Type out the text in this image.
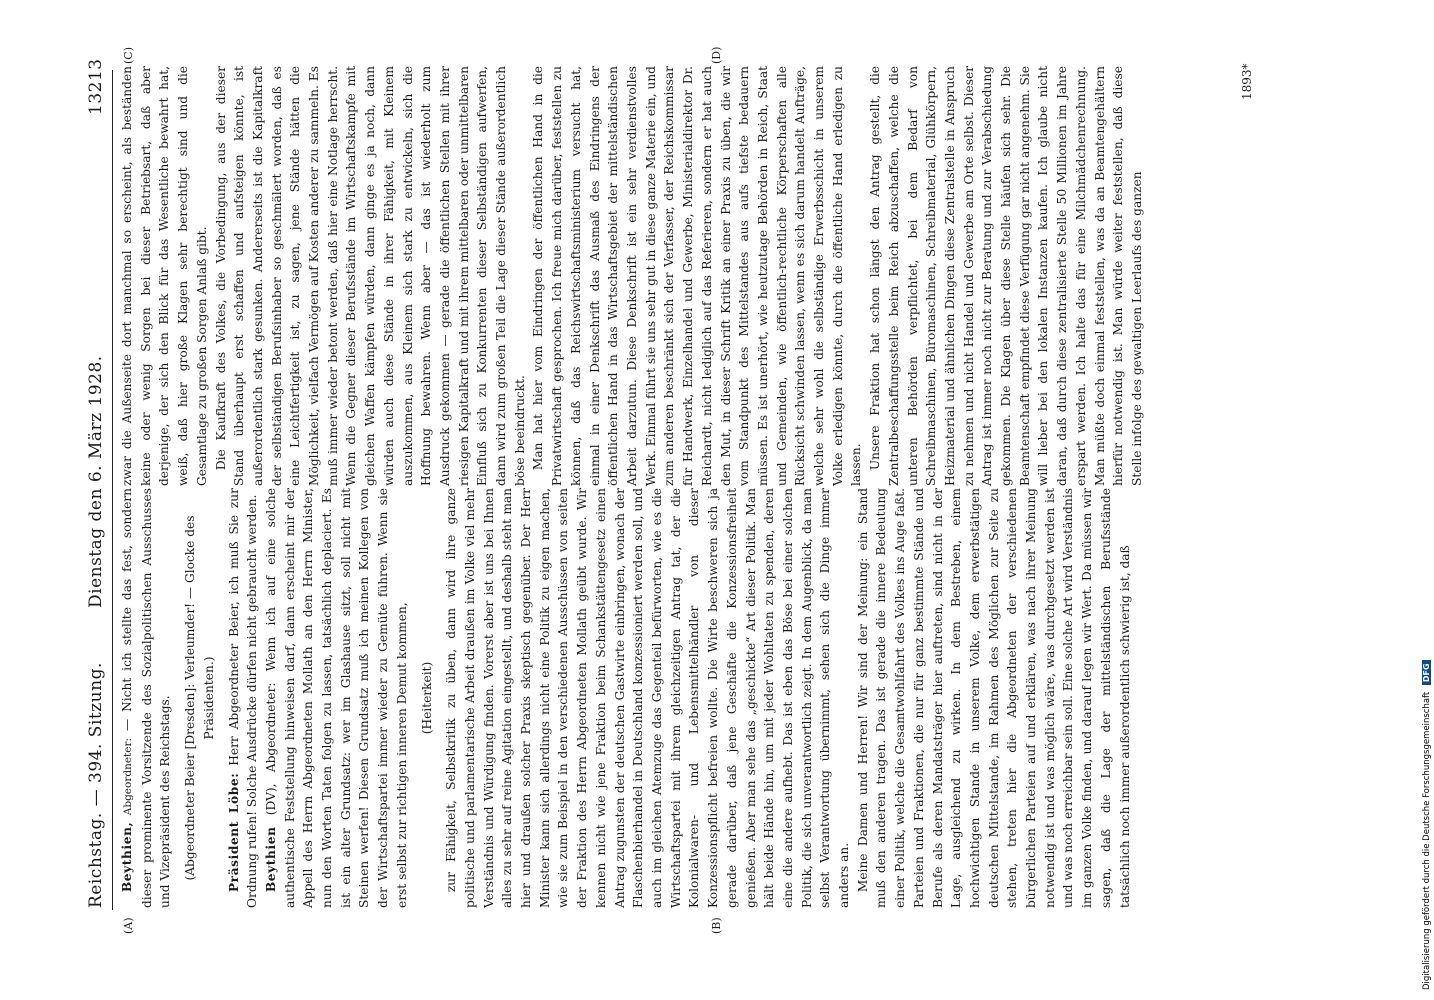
Reichstag. — 394. Sitzung.
Dienstag den 6. März 1928.
13213
(A)	(B)
(C)	(D)

Beythien, Abgeordneter: — Nicht ich stellte das fest, sondern dieser prominente Vorsitzende des Sozialpolitischen Ausschusses und Vizepräsident des Reichstags. (Abgeordneter Beier [Dresden]: Verleumder! — Glocke des Präsidenten.)

Präsident Löbe: Herr Abgeordneter Beier, ich muß Sie zur Ordnung rufen! Solche Ausdrücke dürfen nicht gebraucht werden. Beythien (DV), Abgeordneter: Wenn ich auf eine solche authentische Feststellung hinweisen darf, dann erscheint mir der Appell des Herrn Abgeordneten Mollath an den Herrn Minister, nun den Worten Taten folgen zu lassen, tatsächlich deplaciert. Es ist ein alter Grundsatz: wer im Glashause sitzt, soll nicht mit Steinen werfen! Diesen Grundsatz muß ich meinen Kollegen von der Wirtschaftspartei immer wieder zu Gemüte führen. Wenn sie erst selbst zur richtigen inneren Demut kommen, (Heiterkeit) zur Fähigkeit, Selbstkritik zu üben, dann wird ihre ganze politische und parlamentarische Arbeit draußen im Volke viel mehr Verständnis und Würdigung finden. Vorerst aber ist uns bei Ihnen alles zu sehr auf reine Agitation eingestellt, und deshalb steht man hier und draußen solcher Praxis skeptisch gegenüber. Der Herr Minister kann sich allerdings nicht eine Politik zu eigen machen, wie sie zum Beispiel in den verschiedenen Ausschüssen von seiten der Fraktion des Herrn Abgeordneten Mollath geübt wurde. Wir kennen nicht wie jene Fraktion beim Schankstättengesetz einen Antrag zugunsten der deutschen Gastwirte einbringen, wonach der Flaschenbierhandel in Deutschland konzessioniert werden soll, und auch im gleichen Atemzuge das Gegenteil befürworten, wie es die Wirtschaftspartei mit ihrem gleichzeitigen Antrag tat, der die Kolonialwaren- und Lebensmittelhändler von dieser Konzessionspflicht befreien wollte. Die Wirte beschweren sich ja gerade darüber, daß jene Geschäfte die Konzessionsfreiheit genießen. Aber man sehe das „geschickte“ Art dieser Politik. Man hält beide Hände hin, um mit jeder Wohltaten zu spenden, deren eine die andere aufhebt. Das ist eben das Böse bei einer solchen Politik, die sich unverantwortlich zeigt. In dem Augenblick, da man selbst Verantwortung übernimmt, sehen sich die Dinge immer anders an. Meine Damen und Herren! Wir sind der Meinung: ein Stand muß den anderen tragen. Das ist gerade die innere Bedeutung einer Politik, welche die Gesamtwohlfahrt des Volkes ins Auge faßt. Parteien und Fraktionen, die nur für ganz bestimmte Stände und Berufe als deren Mandatsträger hier auftreten, sind nicht in der Lage, ausgleichend zu wirken. In dem Bestreben, einem hochwichtigen Stande in unserem Volke, dem erwerbstätigen deutschen Mittelstande, im Rahmen des Möglichen zur Seite zu stehen, treten hier die Abgeordneten der verschiedenen bürgerlichen Parteien auf und erklären, was nach ihrer Meinung notwendig ist und was möglich wäre, was durchgesetzt werden ist und was noch erreichbar sein soll. Eine solche Art wird Verständnis im ganzen Volke finden, und darauf legen wir Wert. Da müssen wir sagen, daß die Lage der mittelständischen Berufsstände tatsächlich noch immer außerordentlich schwierig ist, daß

zwar die Außenseite dort manchmal so erscheint, als beständen keine oder wenig Sorgen bei dieser Betriebsart, daß aber derjenige, der sich den Blick für das Wesentliche bewahrt hat, weiß, daß hier große Klagen sehr berechtigt sind und die Gesamtlage zu großen Sorgen Anlaß gibt. Die Kaufkraft des Volkes, die Vorbedingung, aus der dieser Stand überhaupt erst schaffen und aufsteigen könnte, ist außerordentlich stark gesunken. Andererseits ist die Kapitalkraft der selbständigen Berufsinhaber so geschmälert worden, daß es eine Leichtfertigkeit ist, zu sagen, jene Stände hätten die Möglichkeit, vielfach Vermögen auf Kosten anderer zu sammeln. Es muß immer wieder betont werden, daß hier eine Notlage herrscht. Wenn die Gegner dieser Berufsstände im Wirtschaftskampfe mit gleichen Waffen kämpfen würden, dann ginge es ja noch, dann würden auch diese Stände in ihrer Fähigkeit, mit Kleinem auszukommen, aus Kleinem sich stark zu entwickeln, sich die Hoffnung bewahren. Wenn aber — das ist wiederholt zum Ausdruck gekommen — gerade die öffentlichen Stellen mit ihrer riesigen Kapitalkraft und mit ihrem mittelbaren oder unmittelbaren Einfluß sich zu Konkurrenten dieser Selbständigen aufwerfen, dann wird zum großen Teil die Lage dieser Stände außerordentlich böse beeindruckt. Man hat hier vom Eindringen der öffentlichen Hand in die Privatwirtschaft gesprochen. Ich freue mich darüber, feststellen zu können, daß das Reichswirtschaftsministerium versucht hat, einmal in einer Denkschrift das Ausmaß des Eindringens der öffentlichen Hand in das Wirtschaftsgebiet der mittelständischen Arbeit darzutun. Diese Denkschrift ist ein sehr verdienstvolles Werk. Einmal führt sie uns sehr gut in diese ganze Materie ein, und zum anderen beschränkt sich der Verfasser, der Reichskommissar für Handwerk, Einzelhandel und Gewerbe, Ministerialdirektor Dr. Reichardt, nicht lediglich auf das Referieren, sondern er hat auch den Mut, in dieser Schrift Kritik an einer Praxis zu üben, die wir vom Standpunkt des Mittelstandes aus aufs tiefste bedauern müssen. Es ist unerhört, wie heutzutage Behörden in Reich, Staat und Gemeinden, wie öffentlich-rechtliche Körperschaften alle Rücksicht schwinden lassen, wenn es sich darum handelt Aufträge, welche sehr wohl die selbständige Erwerbsschicht in unserem Volke erledigen könnte, durch die öffentliche Hand erledigen zu lassen. Unsere Fraktion hat schon längst den Antrag gestellt, die Zentralbeschaffungsstelle beim Reich abzuschaffen, welche die unteren Behörden verpflichtet, bei dem Bedarf von Schreibmaschinen, Büromaschinen, Schreibmaterial, Glühkörpern, Heizmaterial und ähnlichen Dingen diese Zentralstelle in Anspruch zu nehmen und nicht Handel und Gewerbe am Orte selbst. Dieser Antrag ist immer noch nicht zur Beratung und zur Verabschiedung gekommen. Die Klagen über diese Stelle häufen sich sehr. Die Beamtenschaft empfindet diese Verfügung gar nicht angenehm. Sie will lieber bei den lokalen Instanzen kaufen. Ich glaube nicht daran, daß durch diese zentralisierte Stelle 50 Millionen im Jahre erspart werden. Ich halte das für eine Milchmädchenrechnung. Man müßte doch einmal feststellen, was da an Beamtengehältern hierfür notwendig ist. Man würde weiter feststellen, daß diese Stelle infolge des gewaltigen Leerlaufs des ganzen

1893*
Digitalisierung gefördert durch die Deutsche Forschungsgemeinschaft DFG
